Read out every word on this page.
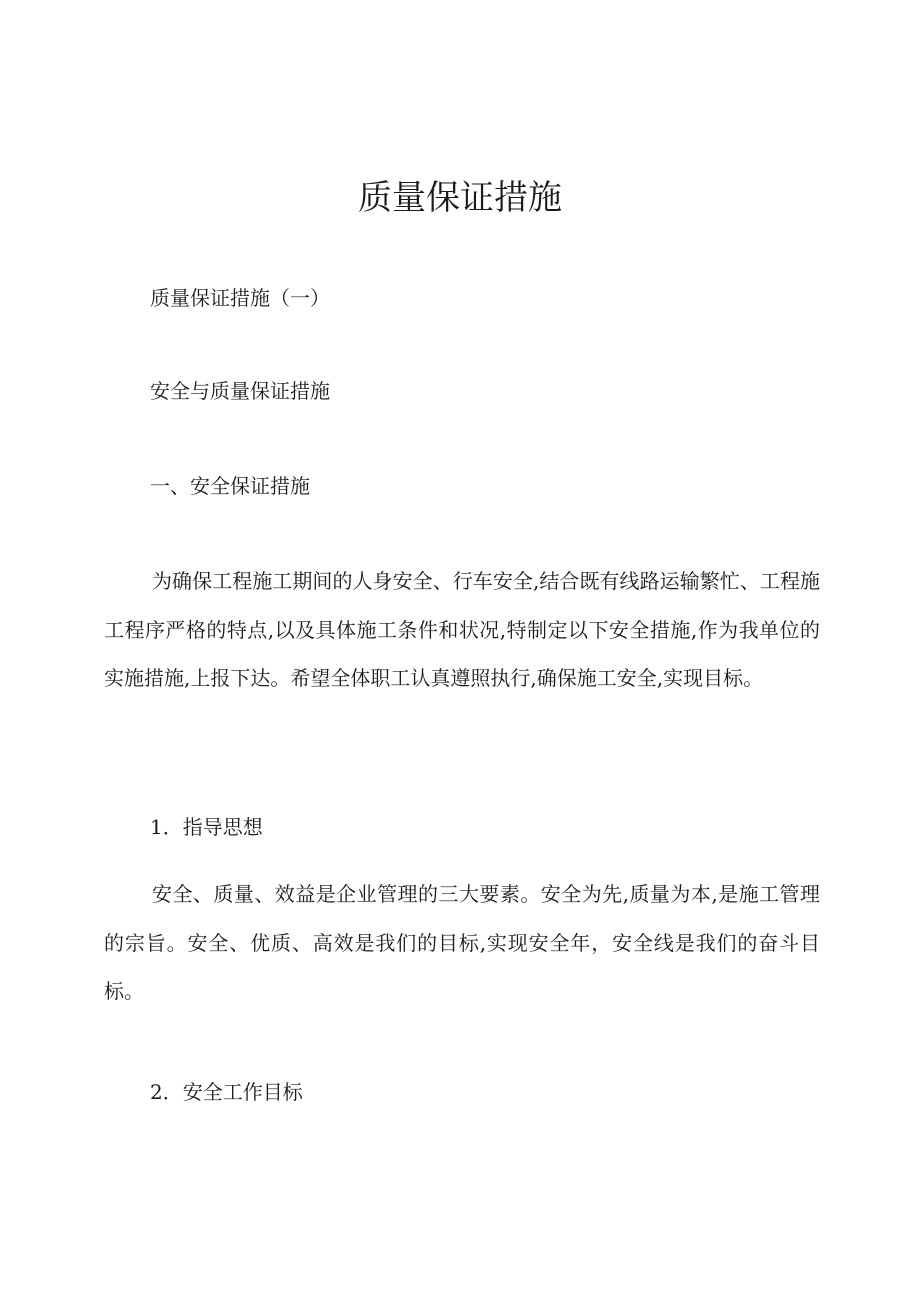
质量保证措施

质量保证措施（一）

安全与质量保证措施

一、安全保证措施

为确保工程施工期间的人身安全、行车安全,结合既有线路运输繁忙、工程施工程序严格的特点,以及具体施工条件和状况,特制定以下安全措施,作为我单位的实施措施,上报下达。希望全体职工认真遵照执行,确保施工安全,实现目标。

1．指导思想

安全、质量、效益是企业管理的三大要素。安全为先,质量为本,是施工管理的宗旨。安全、优质、高效是我们的目标,实现安全年，安全线是我们的奋斗目标。

2．安全工作目标
